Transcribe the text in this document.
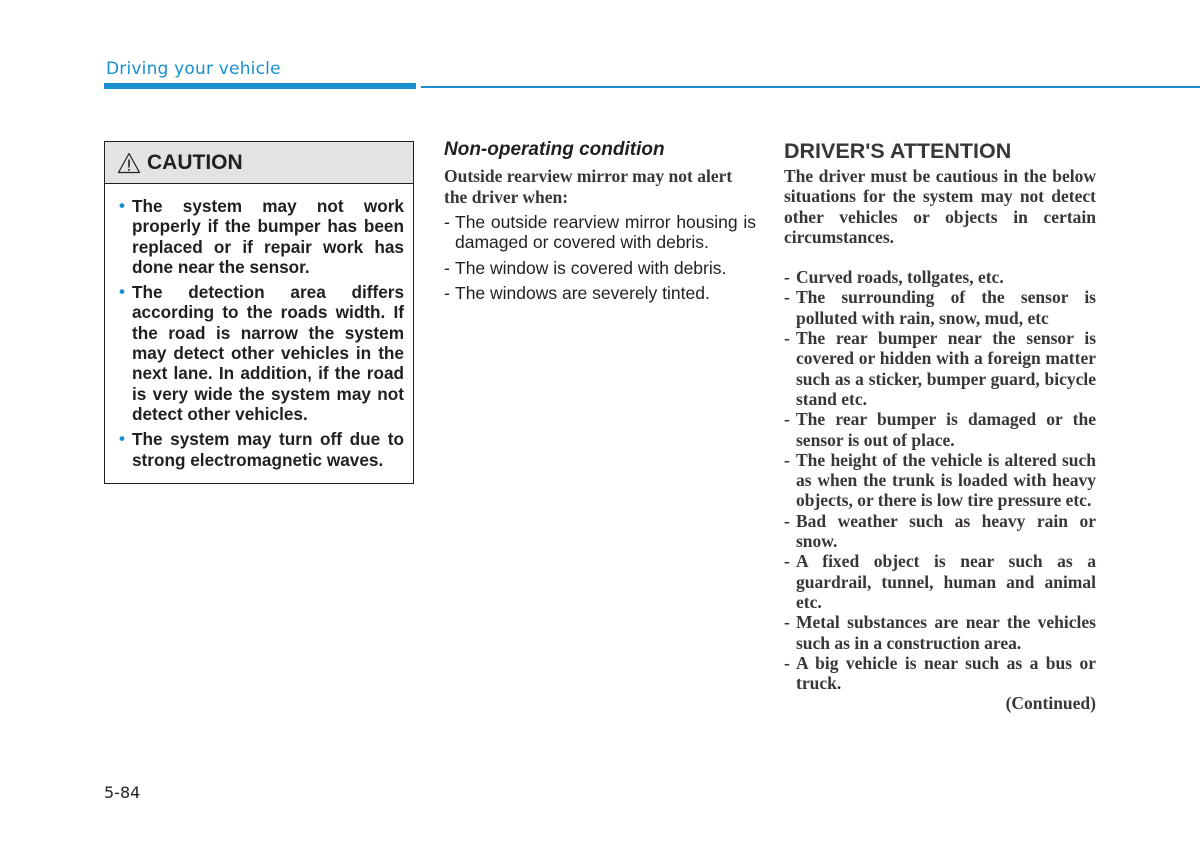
Driving your vehicle
CAUTION
• The system may not work properly if the bumper has been replaced or if repair work has done near the sensor.
• The detection area differs according to the roads width. If the road is narrow the system may detect other vehicles in the next lane. In addition, if the road is very wide the system may not detect other vehicles.
• The system may turn off due to strong electromagnetic waves.
Non-operating condition

Outside rearview mirror may not alert the driver when:

- The outside rearview mirror housing is damaged or covered with debris.
- The window is covered with debris.
- The windows are severely tinted.
DRIVER'S ATTENTION

The driver must be cautious in the below situations for the system may not detect other vehicles or objects in certain circumstances.

- Curved roads, tollgates, etc.
- The surrounding of the sensor is polluted with rain, snow, mud, etc
- The rear bumper near the sensor is covered or hidden with a foreign matter such as a sticker, bumper guard, bicycle stand etc.
- The rear bumper is damaged or the sensor is out of place.
- The height of the vehicle is altered such as when the trunk is loaded with heavy objects, or there is low tire pressure etc.
- Bad weather such as heavy rain or snow.
- A fixed object is near such as a guardrail, tunnel, human and animal etc.
- Metal substances are near the vehicles such as in a construction area.
- A big vehicle is near such as a bus or truck.
(Continued)
5-84
